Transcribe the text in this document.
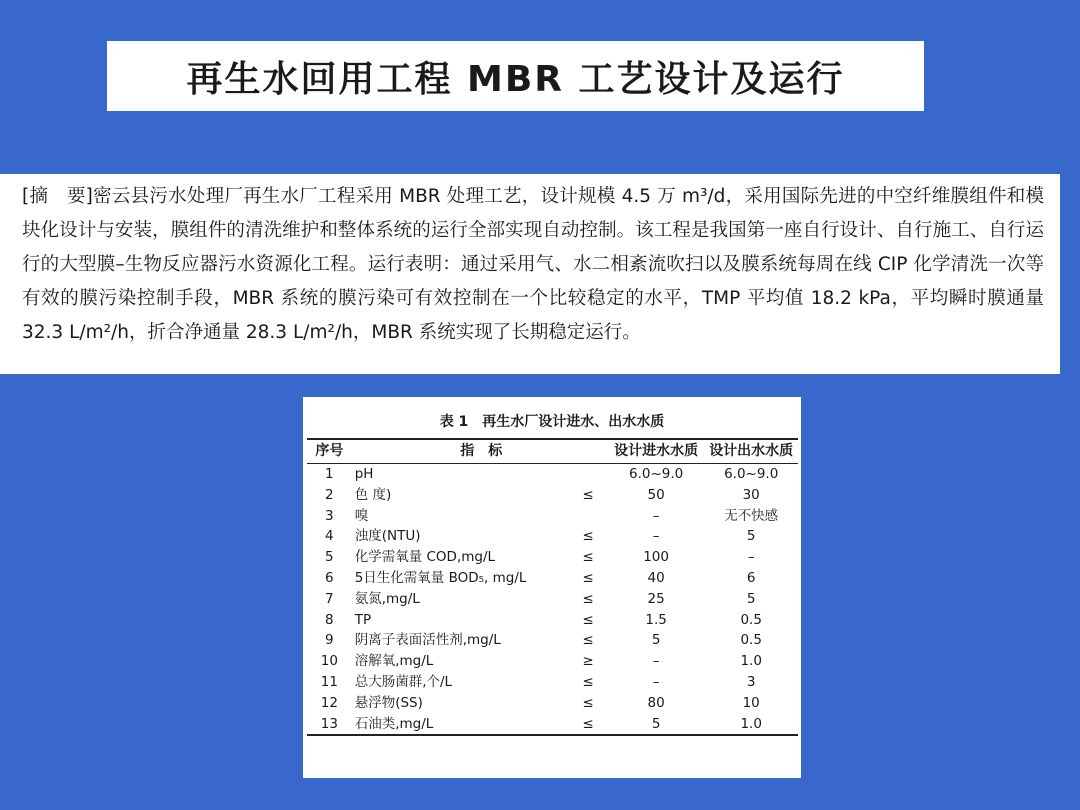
再生水回用工程 MBR 工艺设计及运行
[摘　要]密云县污水处理厂再生水厂工程采用 MBR 处理工艺，设计规模 4.5 万 m³/d，采用国际先进的中空纤维膜组件和模块化设计与安装，膜组件的清洗维护和整体系统的运行全部实现自动控制。该工程是我国第一座自行设计、自行施工、自行运行的大型膜–生物反应器污水资源化工程。运行表明：通过采用气、水二相紊流吹扫以及膜系统每周在线 CIP 化学清洗一次等有效的膜污染控制手段，MBR 系统的膜污染可有效控制在一个比较稳定的水平，TMP 平均值 18.2 kPa，平均瞬时膜通量 32.3 L/m²/h，折合净通量 28.3 L/m²/h，MBR 系统实现了长期稳定运行。
表 1　再生水厂设计进水、出水水质
序号	指　标		设计进水水质	设计出水水质
1	pH		6.0~9.0	6.0~9.0
2	色 度)	≤	50	30
3	嗅		–	无不快感
4	浊度(NTU)	≤	–	5
5	化学需氧量 COD,mg/L	≤	100	–
6	5日生化需氧量 BOD₅, mg/L	≤	40	6
7	氨氮,mg/L	≤	25	5
8	TP	≤	1.5	0.5
9	阴离子表面活性剂,mg/L	≤	5	0.5
10	溶解氧,mg/L	≥	–	1.0
11	总大肠菌群,个/L	≤	–	3
12	悬浮物(SS)	≤	80	10
13	石油类,mg/L	≤	5	1.0
